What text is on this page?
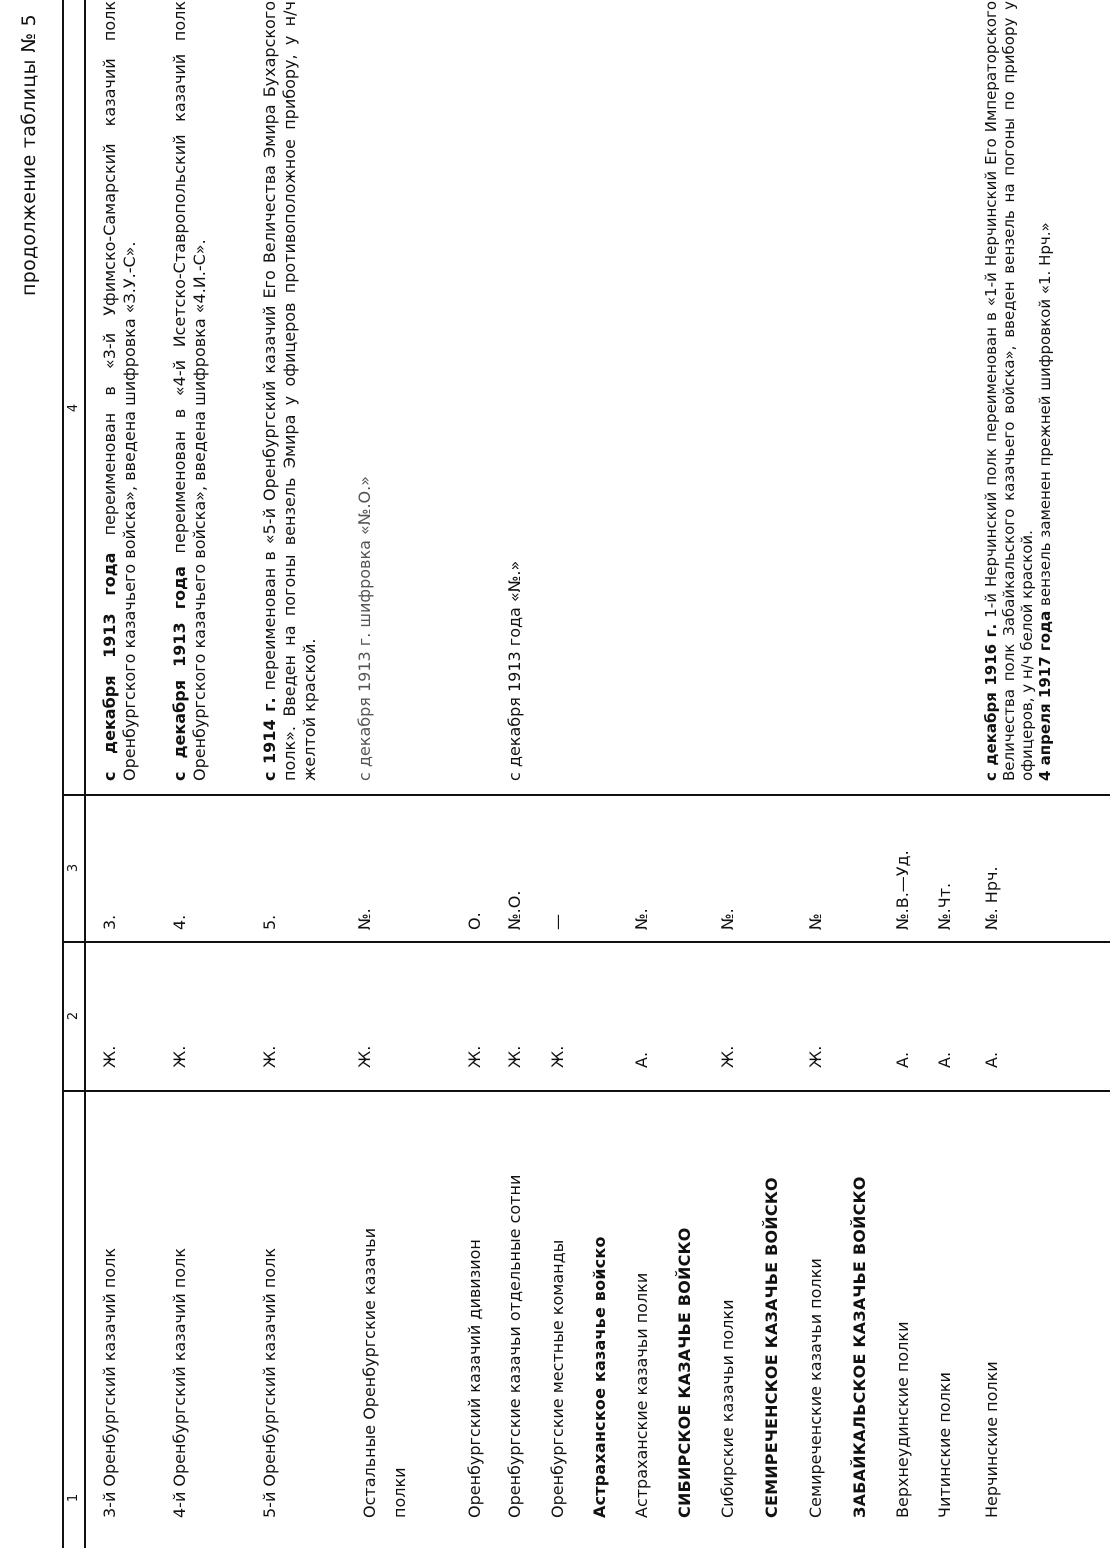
продолжение таблицы № 5
1
2
3
4
3-й Оренбургский казачий полк
Ж.
3.
с декабря 1913 года переименован в «3-й Уфимско-Самарский казачий полк Оренбургского казачьего войска», введена шифровка «З.У.-С».
4-й Оренбургский казачий полк
Ж.
4.
с декабря 1913 года переименован в «4-й Исетско-Ставропольский казачий полк Оренбургского казачьего войска», введена шифровка «4.И.-С».
5-й Оренбургский казачий полк
Ж.
5.
с 1914 г. переименован в «5-й Оренбургский казачий Его Величества Эмира Бухарского полк». Введен на погоны вензель Эмира у офицеров противоположное прибору, у н/ч желтой краской.
Остальные Оренбургские казачьи полки
Ж.
№.
с декабря 1913 г. шифровка «№.О.»
Оренбургский казачий дивизион
Ж.
О.
Оренбургские казачьи отдельные сотни
Ж.
№.О.
с декабря 1913 года «№.»
Оренбургские местные команды
Ж.
—
Астраханское казачье войско Астраханские казачьи полки
А.
№.
СИБИРСКОЕ КАЗАЧЬЕ ВОЙСКО Сибирские казачьи полки
Ж.
№.
СЕМИРЕЧЕНСКОЕ КАЗАЧЬЕ ВОЙСКО Семиреченские казачьи полки
Ж.
№
ЗАБАЙКАЛЬСКОЕ КАЗАЧЬЕ ВОЙСКО Верхнеудинские полки
А.
№.В.—Уд.
Читинские полки
А.
№.Чт.
Нерчинские полки
А.
№. Нрч.
с декабря 1916 г. 1-й Нерчинский полк переименован в «1-й Нерчинский Его Императорского Величества полк Забайкальского казачьего войска», введен вензель на погоны по прибору у офицеров, у н/ч белой краской.
4 апреля 1917 года вензель заменен прежней шифровкой «1. Нрч.»
